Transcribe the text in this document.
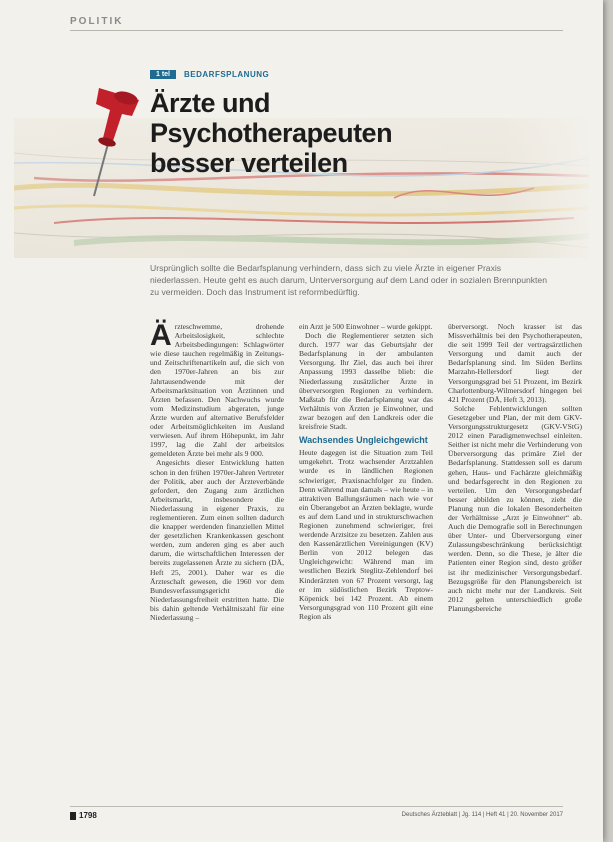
POLITIK
1 tel	BEDARFSPLANUNG
Ärzte und Psychotherapeuten
besser verteilen
Ursprünglich sollte die Bedarfsplanung verhindern, dass sich zu viele Ärzte in eigener Praxis niederlassen. Heute geht es auch darum, Unterversorgung auf dem Land oder in sozialen Brennpunkten zu vermeiden. Doch das Instrument ist reformbedürftig.

Ärzteschwemme, drohende Arbeitslosigkeit, schlechte Arbeitsbedingungen: Schlagwörter wie diese tauchen regelmäßig in Zeitungs- und Zeitschriftenartikeln auf, die sich von den 1970er-Jahren an bis zur Jahrtausendwende mit der Arbeitsmarktsituation von Ärztinnen und Ärzten befassen. Den Nachwuchs wurde vom Medizinstudium abgeraten, junge Ärzte wurden auf alternative Berufsfelder oder Arbeitsmöglichkeiten im Ausland verwiesen. Auf ihrem Höhepunkt, im Jahr 1997, lag die Zahl der arbeitslos gemeldeten Ärzte bei mehr als 9 000.

Angesichts dieser Entwicklung hatten schon in den frühen 1970er-Jahren Vertreter der Politik, aber auch der Ärzteverbände gefordert, den Zugang zum ärztlichen Arbeitsmarkt, insbesondere die Niederlassung in eigener Praxis, zu reglementieren. Zum einen sollten dadurch die knapper werdenden finanziellen Mittel der gesetzlichen Krankenkassen geschont werden, zum anderen ging es aber auch darum, die wirtschaftlichen Interessen der bereits zugelassenen Ärzte zu sichern (DÄ, Heft 25, 2001). Daher war es die Ärzteschaft gewesen, die 1960 vor dem Bundesverfassungsgericht die Niederlassungsfreiheit erstritten hatte. Die bis dahin geltende Verhältniszahl für eine Niederlassung –

ein Arzt je 500 Einwohner – wurde gekippt.

Doch die Reglementierer setzten sich durch. 1977 war das Geburtsjahr der Bedarfsplanung in der ambulanten Versorgung. Ihr Ziel, das auch bei ihrer Anpassung 1993 dasselbe blieb: die Niederlassung zusätzlicher Ärzte in überversorgten Regionen zu verhindern. Maßstab für die Bedarfsplanung war das Verhältnis von Ärzten je Einwohner, und zwar bezogen auf den Landkreis oder die kreisfreie Stadt.

Wachsendes Ungleichgewicht

Heute dagegen ist die Situation zum Teil umgekehrt. Trotz wachsender Arztzahlen wurde es in ländlichen Regionen schwieriger, Praxisnachfolger zu finden. Denn während man damals – wie heute – in attraktiven Ballungsräumen nach wie vor ein Überangebot an Ärzten beklagte, wurde es auf dem Land und in strukturschwachen Regionen zunehmend schwieriger, frei werdende Arztsitze zu besetzen. Zahlen aus den Kassenärztlichen Vereinigungen (KV) Berlin von 2012 belegen das Ungleichgewicht: Während man im westlichen Bezirk Steglitz-Zehlendorf bei Kinderärzten von 67 Prozent versorgt, lag er im südöstlichen Bezirk Treptow-Köpenick bei 142 Prozent. Ab einem Versorgungsgrad von 110 Prozent gilt eine Region als

überversorgt. Noch krasser ist das Missverhältnis bei den Psychotherapeuten, die seit 1999 Teil der vertragsärztlichen Versorgung und damit auch der Bedarfsplanung sind. Im Süden Berlins Marzahn-Hellersdorf liegt der Versorgungsgrad bei 51 Prozent, im Bezirk Charlottenburg-Wilmersdorf hingegen bei 421 Prozent (DÄ, Heft 3, 2013).

Solche Fehlentwicklungen sollten Gesetzgeber und Plan, der mit dem GKV-Versorgungsstrukturgesetz (GKV-VStG) 2012 einen Paradigmenwechsel einleiten. Seither ist nicht mehr die Verhinderung von Überversorgung das primäre Ziel der Bedarfsplanung. Stattdessen soll es darum gehen, Haus- und Fachärzte gleichmäßig und bedarfsgerecht in den Regionen zu verteilen. Um den Versorgungsbedarf besser abbilden zu können, zieht die Planung nun die lokalen Besonderheiten der Verhältnisse „Arzt je Einwohner“ ab. Auch die Demografie soll in Berechnungen über Unter- und Überversorgung einer Zulassungsbeschränkung berücksichtigt werden. Denn, so die These, je älter die Patienten einer Region sind, desto größer ist ihr medizinischer Versorgungsbedarf. Bezugsgröße für den Planungsbereich ist auch nicht mehr nur der Landkreis. Seit 2012 gelten unterschiedlich große Planungsbereiche

1798	Deutsches Ärzteblatt | Jg. 114 | Heft 41 | 20. November 2017
